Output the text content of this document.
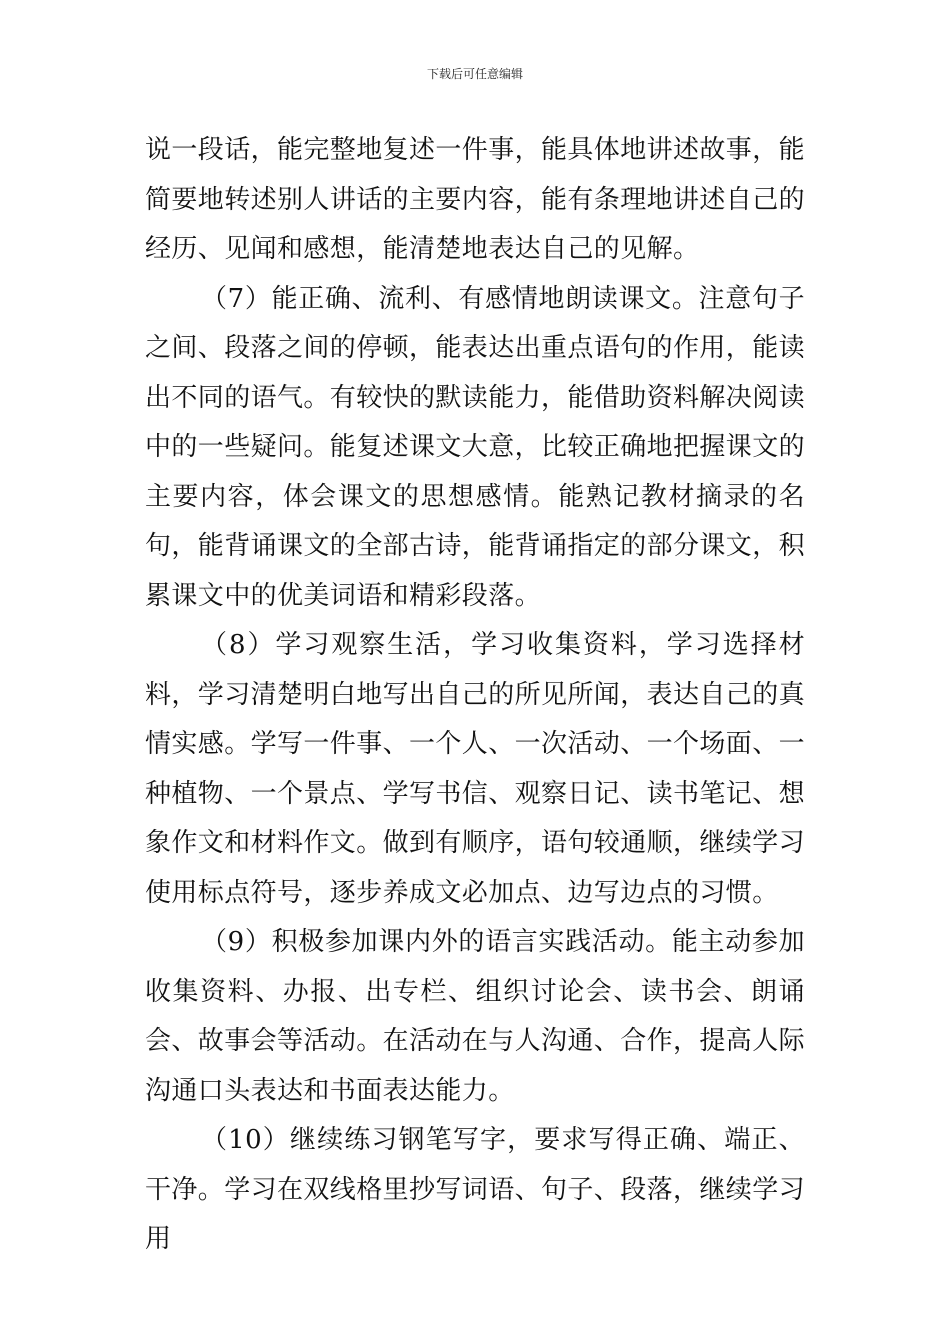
下载后可任意编辑

说一段话，能完整地复述一件事，能具体地讲述故事，能简要地转述别人讲话的主要内容，能有条理地讲述自己的经历、见闻和感想，能清楚地表达自己的见解。

（7）能正确、流利、有感情地朗读课文。注意句子之间、段落之间的停顿，能表达出重点语句的作用，能读出不同的语气。有较快的默读能力，能借助资料解决阅读中的一些疑问。能复述课文大意，比较正确地把握课文的主要内容，体会课文的思想感情。能熟记教材摘录的名句，能背诵课文的全部古诗，能背诵指定的部分课文，积累课文中的优美词语和精彩段落。

（8）学习观察生活，学习收集资料，学习选择材料，学习清楚明白地写出自己的所见所闻，表达自己的真情实感。学写一件事、一个人、一次活动、一个场面、一种植物、一个景点、学写书信、观察日记、读书笔记、想象作文和材料作文。做到有顺序，语句较通顺，继续学习使用标点符号，逐步养成文必加点、边写边点的习惯。

（9）积极参加课内外的语言实践活动。能主动参加收集资料、办报、出专栏、组织讨论会、读书会、朗诵会、故事会等活动。在活动在与人沟通、合作，提高人际沟通口头表达和书面表达能力。

（10）继续练习钢笔写字，要求写得正确、端正、干净。学习在双线格里抄写词语、句子、段落，继续学习用
